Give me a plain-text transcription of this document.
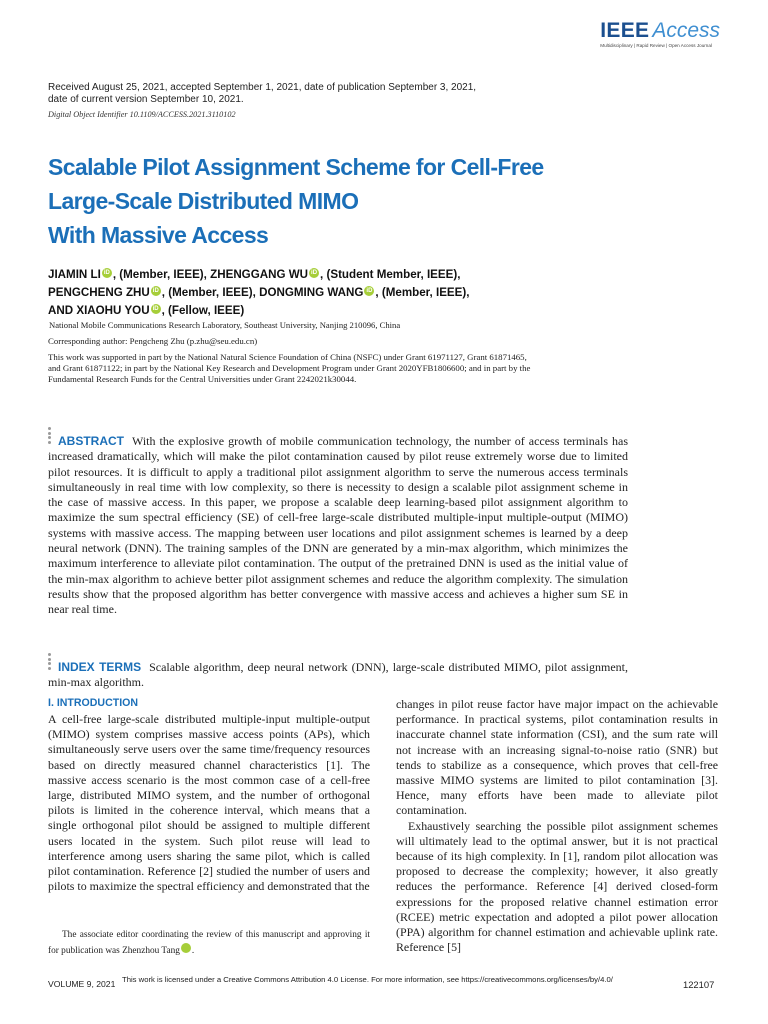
IEEE Access
Multidisciplinary | Rapid Review | Open Access Journal
Received August 25, 2021, accepted September 1, 2021, date of publication September 3, 2021,
date of current version September 10, 2021.
Digital Object Identifier 10.1109/ACCESS.2021.3110102
Scalable Pilot Assignment Scheme for Cell-Free
Large-Scale Distributed MIMO
With Massive Access
JIAMIN LI iD , (Member, IEEE), ZHENGGANG WU iD , (Student Member, IEEE),
PENGCHENG ZHU iD , (Member, IEEE), DONGMING WANG iD , (Member, IEEE),
AND XIAOHU YOU iD , (Fellow, IEEE)
National Mobile Communications Research Laboratory, Southeast University, Nanjing 210096, China
Corresponding author: Pengcheng Zhu (p.zhu@seu.edu.cn)
This work was supported in part by the National Natural Science Foundation of China (NSFC) under Grant 61971127, Grant 61871465,
and Grant 61871122; in part by the National Key Research and Development Program under Grant 2020YFB1806600; and in part by the
Fundamental Research Funds for the Central Universities under Grant 2242021k30044.
ABSTRACT With the explosive growth of mobile communication technology, the number of access terminals has increased dramatically, which will make the pilot contamination caused by pilot reuse extremely worse due to limited pilot resources. It is difficult to apply a traditional pilot assignment algorithm to serve the numerous access terminals simultaneously in real time with low complexity, so there is necessity to design a scalable pilot assignment scheme in the case of massive access. In this paper, we propose a scalable deep learning-based pilot assignment algorithm to maximize the sum spectral efficiency (SE) of cell-free large-scale distributed multiple-input multiple-output (MIMO) systems with massive access. The mapping between user locations and pilot assignment schemes is learned by a deep neural network (DNN). The training samples of the DNN are generated by a min-max algorithm, which minimizes the maximum interference to alleviate pilot contamination. The output of the pretrained DNN is used as the initial value of the min-max algorithm to achieve better pilot assignment schemes and reduce the algorithm complexity. The simulation results show that the proposed algorithm has better convergence with massive access and achieves a higher sum SE in near real time.
INDEX TERMS Scalable algorithm, deep neural network (DNN), large-scale distributed MIMO, pilot assignment, min-max algorithm.
I. INTRODUCTION
A cell-free large-scale distributed multiple-input multiple-output (MIMO) system comprises massive access points (APs), which simultaneously serve users over the same time/frequency resources based on directly measured channel characteristics [1]. The massive access scenario is the most common case of a cell-free large, distributed MIMO system, and the number of orthogonal pilots is limited in the coherence interval, which means that a single orthogonal pilot should be assigned to multiple different users located in the system. Such pilot reuse will lead to interference among users sharing the same pilot, which is called pilot contamination. Reference [2] studied the number of users and pilots to maximize the spectral efficiency and demonstrated that the

changes in pilot reuse factor have major impact on the achievable performance. In practical systems, pilot contamination results in inaccurate channel state information (CSI), and the sum rate will not increase with an increasing signal-to-noise ratio (SNR) but tends to stabilize as a consequence, which proves that cell-free massive MIMO systems are limited to pilot contamination [3]. Hence, many efforts have been made to alleviate pilot contamination.

Exhaustively searching the possible pilot assignment schemes will ultimately lead to the optimal answer, but it is not practical because of its high complexity. In [1], random pilot allocation was proposed to decrease the complexity; however, it also greatly reduces the performance. Reference [4] derived closed-form expressions for the proposed relative channel estimation error (RCEE) metric expectation and adopted a pilot power allocation (PPA) algorithm for channel estimation and achievable uplink rate. Reference [5]

The associate editor coordinating the review of this manuscript and approving it for publication was Zhenzhou Tang	iD.
VOLUME 9, 2021 This work is licensed under a Creative Commons Attribution 4.0 License. For more information, see https://creativecommons.org/licenses/by/4.0/	122107
